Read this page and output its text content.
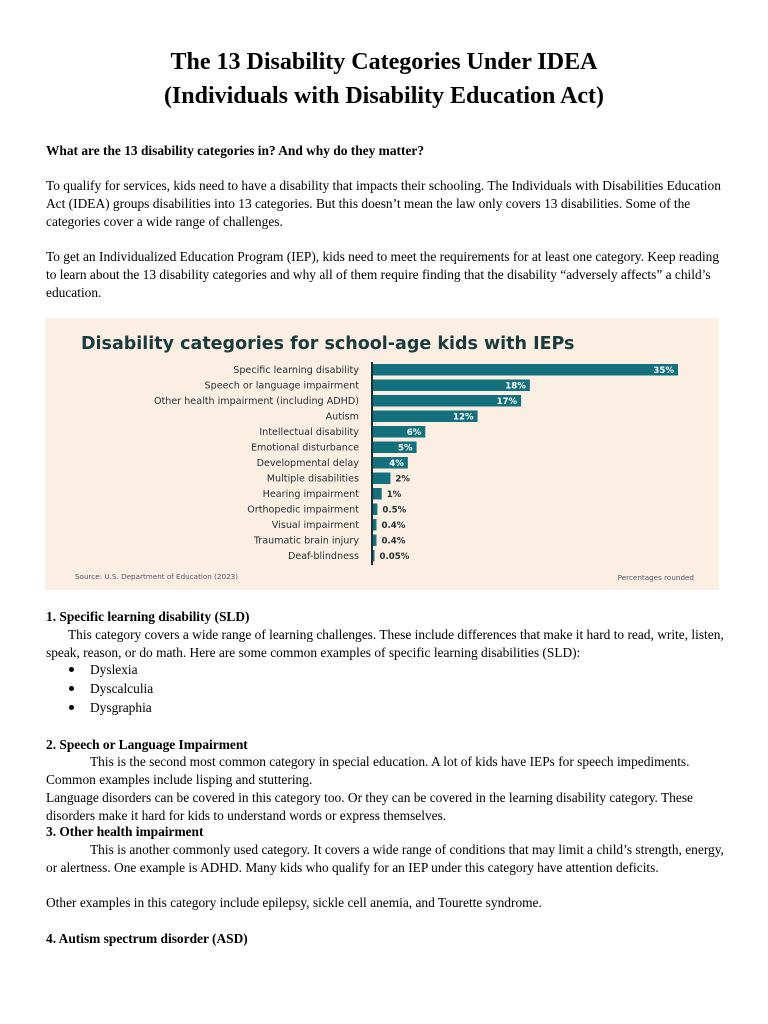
The 13 Disability Categories Under IDEA
(Individuals with Disability Education Act)
What are the 13 disability categories in? And why do they matter?
To qualify for services, kids need to have a disability that impacts their schooling. The Individuals with Disabilities Education Act (IDEA) groups disabilities into 13 categories. But this doesn’t mean the law only covers 13 disabilities. Some of the categories cover a wide range of challenges.
To get an Individualized Education Program (IEP), kids need to meet the requirements for at least one category. Keep reading to learn about the 13 disability categories and why all of them require finding that the disability “adversely affects” a child’s education.
Disability categories for school-age kids with IEPs
Specific learning disability	35%
Speech or language impairment	18%
Other health impairment (including ADHD)	17%
Autism	12%
Intellectual disability	6%
Emotional disturbance	5%
Developmental delay	4%
Multiple disabilities	2%
Hearing impairment	1%
Orthopedic impairment	0.5%
Visual impairment	0.4%
Traumatic brain injury	0.4%
Deaf-blindness 0.05%
Source: U.S. Department of Education (2023)	Percentages rounded
1. Specific learning disability (SLD)
This category covers a wide range of learning challenges. These include differences that make it hard to read, write, listen, speak, reason, or do math. Here are some common examples of specific learning disabilities (SLD):
Dyslexia
Dyscalculia
Dysgraphia
2. Speech or Language Impairment
This is the second most common category in special education. A lot of kids have IEPs for speech impediments. Common examples include lisping and stuttering.
Language disorders can be covered in this category too. Or they can be covered in the learning disability category. These disorders make it hard for kids to understand words or express themselves.
3. Other health impairment
This is another commonly used category. It covers a wide range of conditions that may limit a child’s strength, energy, or alertness. One example is ADHD. Many kids who qualify for an IEP under this category have attention deficits.
Other examples in this category include epilepsy, sickle cell anemia, and Tourette syndrome.
4. Autism spectrum disorder (ASD)
